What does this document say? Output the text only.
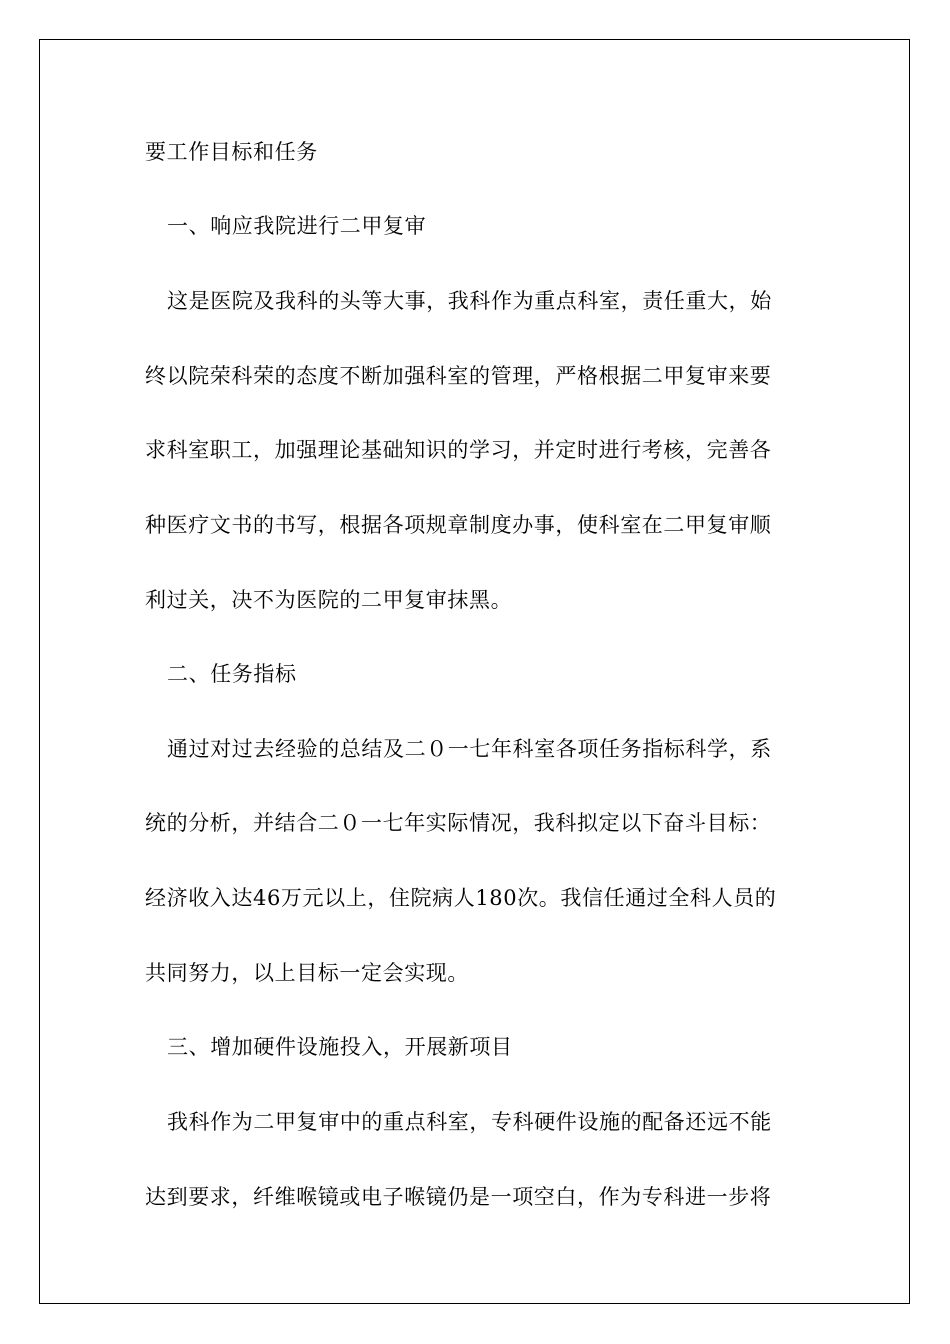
要工作目标和任务
一、响应我院进行二甲复审
这是医院及我科的头等大事，我科作为重点科室，责任重大，始
终以院荣科荣的态度不断加强科室的管理，严格根据二甲复审来要
求科室职工，加强理论基础知识的学习，并定时进行考核，完善各
种医疗文书的书写，根据各项规章制度办事，使科室在二甲复审顺
利过关，决不为医院的二甲复审抹黑。
二、任务指标
通过对过去经验的总结及二０一七年科室各项任务指标科学，系
统的分析，并结合二０一七年实际情况，我科拟定以下奋斗目标：
经济收入达46万元以上，住院病人180次。我信任通过全科人员的
共同努力，以上目标一定会实现。
三、增加硬件设施投入，开展新项目
我科作为二甲复审中的重点科室，专科硬件设施的配备还远不能
达到要求，纤维喉镜或电子喉镜仍是一项空白，作为专科进一步将
